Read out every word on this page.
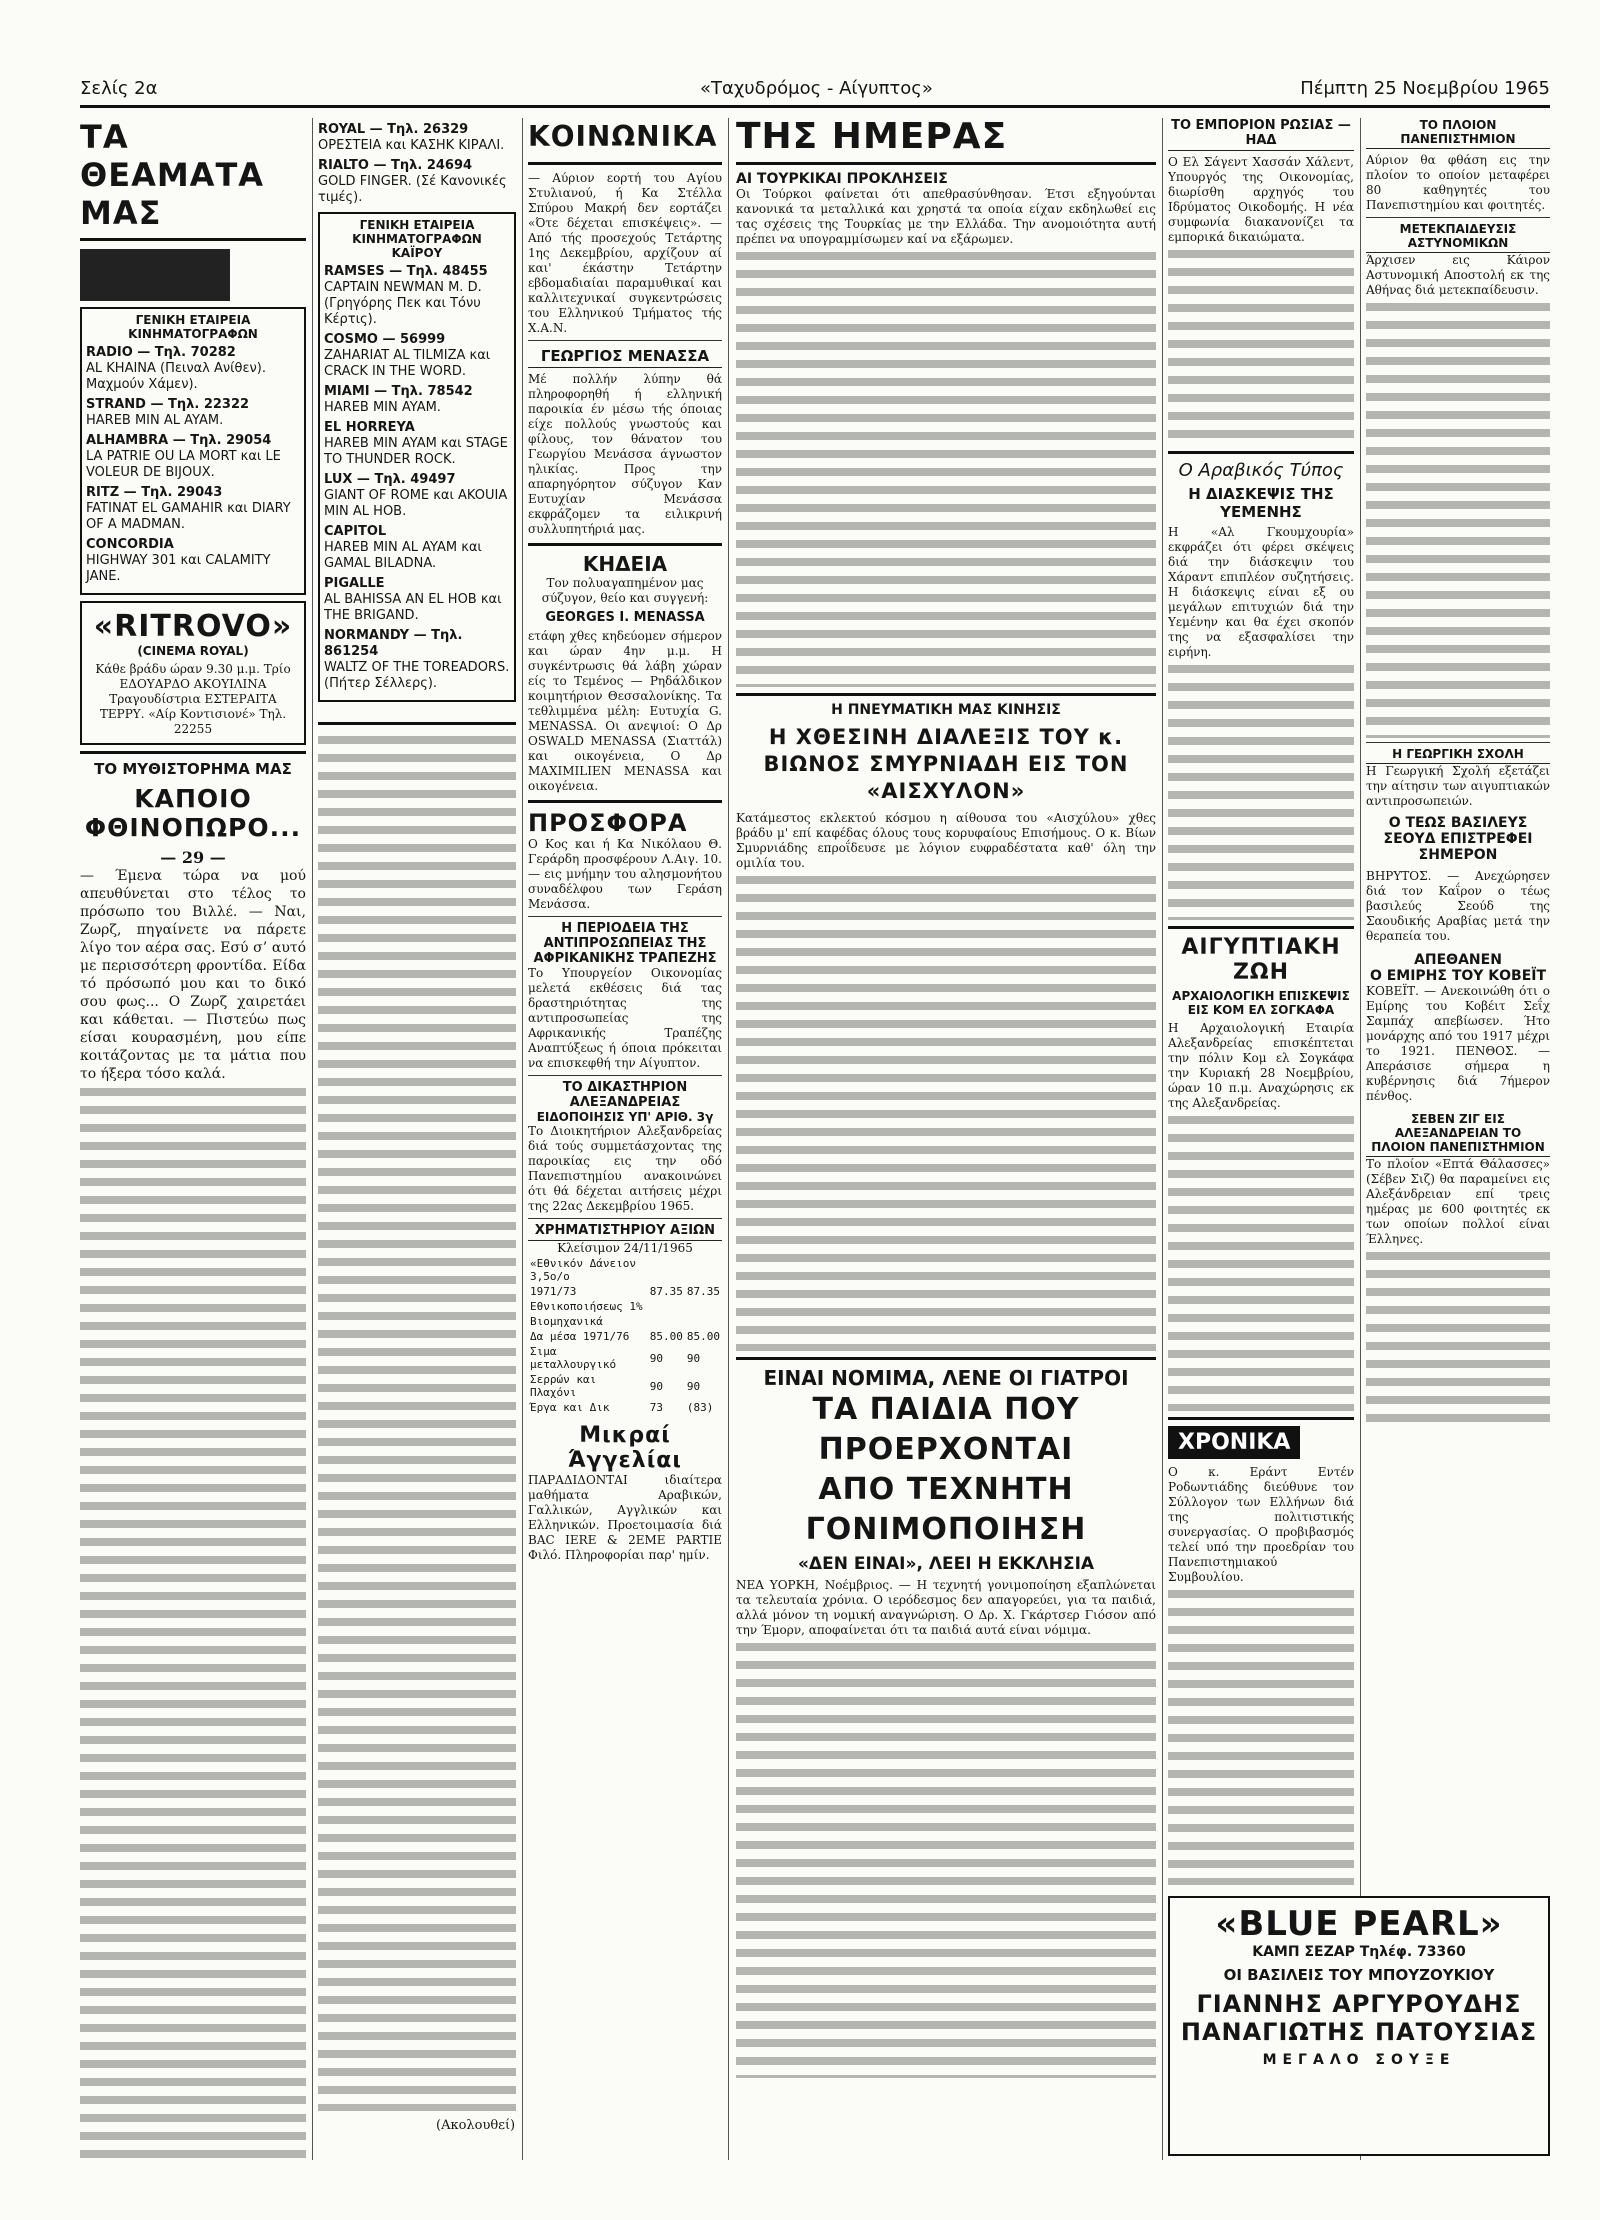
Σελίς 2α	«Ταχυδρόμος - Αίγυπτος»	Πέμπτη 25 Νοεμβρίου 1965
ΤΑ ΘΕΑΜΑΤΑ ΜΑΣ
ΓΕΝΙΚΗ ΕΤΑΙΡΕΙΑ ΚΙΝΗΜΑΤΟΓΡΑΦΩΝ
RADIO — Τηλ. 70282
AL KHAINA (Πειναλ Ανίθεν). Μαχμούν Χάμεν).
STRAND — Τηλ. 22322
HAREB MIN AL AYAM.
ALHAMBRA — Τηλ. 29054
LA PATRIE OU LA MORT και LE VOLEUR DE BIJOUX.
RITZ — Τηλ. 29043
FATINAT EL GAMAHIR και DIARY OF A MADMAN.
CONCORDIA
HIGHWAY 301 και CALAMITY JANE.
«RITROVO»
(CINEMA ROYAL)
Κάθε βράδυ ώραν 9.30 μ.μ. Τρίο ΕΔΟΥΑΡΔΟ ΑΚΟΥΙΛΙΝΑ Τραγουδίστρια ΕΣΤΕΡΑΙΤΑ ΤΕΡΡΥ. «Αίρ Κοντισιονέ» Τηλ. 22255
ΤΟ ΜΥΘΙΣΤΟΡΗΜΑ ΜΑΣ
ΚΑΠΟΙΟ ΦΘΙΝΟΠΩΡΟ...
— 29 —
— Έμενα τώρα να μού απευθύνεται στο τέλος το πρόσωπο του Βιλλέ. — Ναι, Ζωρζ, πηγαίνετε να πάρετε λίγο τον αέρα σας. Εσύ σ’ αυτό με περισσότερη φροντίδα. Είδα τό πρόσωπό μου και το δικό σου φως... Ο Ζωρζ χαιρετάει και κάθεται. — Πιστεύω πως είσαι κουρασμένη, μου είπε κοιτάζοντας με τα μάτια που το ήξερα τόσο καλά.
ROYAL — Τηλ. 26329
ΟΡΕΣΤΕΙΑ και ΚΑΣΗΚ ΚΙΡΑΛΙ.
RIALTO — Τηλ. 24694
GOLD FINGER. (Σέ Κανονικές τιμές).
ΓΕΝΙΚΗ ΕΤΑΙΡΕΙΑ ΚΙΝΗΜΑΤΟΓΡΑΦΩΝ
ΚΑΪΡΟΥ
RAMSES — Τηλ. 48455
CAPTAIN NEWMAN M. D. (Γρηγόρης Πεκ και Τόνυ Κέρτις).
COSMO — 56999
ZAHARIAT AL TILMIZA και CRACK IN THE WORD.
MIAMI — Τηλ. 78542
HAREB MIN AYAM.
EL HORREYA
HAREB MIN AYAM και STAGE TO THUNDER ROCK.
LUX — Τηλ. 49497
GIANT OF ROME και AKOUIA MIN AL HOB.
CAPITOL
HAREB MIN AL AYAM και GAMAL BILADNA.
PIGALLE
AL BAHISSA AN EL HOB και THE BRIGAND.
NORMANDY — Τηλ. 861254
WALTZ OF THE TOREADORS. (Πήτερ Σέλλερς).
ΚΟΙΝΩΝΙΚΑ
— Αύριον εορτή του Αγίου Στυλιανού, ή Κα Στέλλα Σπύρου Μακρή δεν εορτάζει «Ότε δέχεται επισκέψεις». — Από τής προσεχούς Τετάρτης 1ης Δεκεμβρίου, αρχίζουν αί και' έκάστην Τετάρτην εβδομαδιαίαι παραμυθικαί και καλλιτεχνικαί συγκεντρώσεις του Ελληνικού Τμήματος τής Χ.Α.Ν.
ΓΕΩΡΓΙΟΣ ΜΕΝΑΣΣΑ
Μέ πολλήν λύπην θά πληροφορηθή ή ελληνική παροικία έν μέσω τής όποιας είχε πολλούς γνωστούς και φίλους, τον θάνατον του Γεωργίου Μενάσσα άγνωστον ηλικίας. Προς την απαρηγόρητον σύζυγον Καν Ευτυχίαν Μενάσσα εκφράζομεν τα ειλικρινή συλλυπητήριά μας.
ΚΗΔΕΙΑ
Τον πολυαγαπημένον μας σύζυγον, θείο και συγγενή:
GEORGES I. MENASSA
ετάφη χθες κηδεύομεν σήμερον και ώραν 4ην μ.μ. Η συγκέντρωσις θά λάβη χώραν είς το Τεμένος — Ρηδάλδικον κοιμητήριον Θεσσαλονίκης. Τα τεθλιμμένα μέλη: Ευτυχία G. MENASSA. Οι ανεψιοί: Ο Δρ OSWALD MENASSA (Σιαττάλ) και οικογένεια, Ο Δρ MAXIMILIEN MENASSA και οικογένεια.
ΠΡΟΣΦΟΡΑ
Ο Κος και ή Κα Νικόλαου Θ. Γεράρδη προσφέρουν Λ.Αιγ. 10.— εις μνήμην του αλησμονήτου συναδέλφου των Γεράση Μενάσσα.
Η ΠΕΡΙΟΔΕΙΑ ΤΗΣ ΑΝΤΙΠΡΟΣΩΠΕΙΑΣ ΤΗΣ ΑΦΡΙΚΑΝΙΚΗΣ ΤΡΑΠΕΖΗΣ
Το Υπουργείον Οικονομίας μελετά εκθέσεις διά τας δραστηριότητας της αντιπροσωπείας της Αφρικανικής Τραπέζης Αναπτύξεως ή όποια πρόκειται να επισκεφθή την Αίγυπτον.
ΤΟ ΔΙΚΑΣΤΗΡΙΟΝ ΑΛΕΞΑΝΔΡΕΙΑΣ
ΕΙΔΟΠΟΙΗΣΙΣ ΥΠ' ΑΡΙΘ. 3γ
Το Διοικητήριον Αλεξανδρείας διά τούς συμμετάσχοντας της παροικίας εις την οδό Πανεπιστημίου ανακοινώνει ότι θά δέχεται αιτήσεις μέχρι της 22ας Δεκεμβρίου 1965.
ΧΡΗΜΑΤΙΣΤΗΡΙΟΥ ΑΞΙΩΝ
Κλείσιμον 24/11/1965
«Εθνικόν Δάνειον 3,5ο/ο		
1971/73	87.35	87.35
Εθνικοποιήσεως 1%		
Βιομηχανικά		
Δα μέσα 1971/76	85.00	85.00
Σιμα μεταλλουργικό	90	90
Σερρών και Πλαχόνι	90	90
Έργα και Δικ	73	(83)
Μικραί Άγγελίαι
ΠΑΡΑΔΙΔΟΝΤΑΙ ιδιαίτερα μαθήματα Αραβικών, Γαλλικών, Αγγλικών και Ελληνικών. Προετοιμασία διά ΒΑC ΙΕRΕ & 2ΕΜΕ PARTIE Φιλό. Πληροφορίαι παρ' ημίν.
ΤΗΣ ΗΜΕΡΑΣ
ΑΙ ΤΟΥΡΚΙΚΑΙ ΠΡΟΚΛΗΣΕΙΣ
Οι Τούρκοι φαίνεται ότι απεθρασύνθησαν. Έτσι εξηγούνται κανονικά τα μεταλλικά και χρηστά τα οποία είχαν εκδηλωθεί εις τας σχέσεις της Τουρκίας με την Ελλάδα. Την ανομοιότητα αυτή πρέπει να υπογραμμίσωμεν καί να εξάρωμεν.
Η ΠΝΕΥΜΑΤΙΚΗ ΜΑΣ ΚΙΝΗΣΙΣ
Η ΧΘΕΣΙΝΗ ΔΙΑΛΕΞΙΣ ΤΟΥ κ. ΒΙΩΝΟΣ ΣΜΥΡΝΙΑΔΗ ΕΙΣ ΤΟΝ «ΑΙΣΧΥΛΟΝ»
Κατάμεστος εκλεκτού κόσμου η αίθουσα του «Αισχύλου» χθες βράδυ μ' επί καφέδας όλους τους κορυφαίους Επισήμους. Ο κ. Βίων Σμυρνιάδης επροΐδευσε με λόγιον ευφραδέστατα καθ' όλη την ομιλία του.
ΕΙΝΑΙ ΝΟΜΙΜΑ, ΛΕΝΕ ΟΙ ΓΙΑΤΡΟΙ
ΤΑ ΠΑΙΔΙΑ ΠΟΥ ΠΡΟΕΡΧΟΝΤΑΙ
ΑΠΟ ΤΕΧΝΗΤΗ ΓΟΝΙΜΟΠΟΙΗΣΗ
«ΔΕΝ ΕΙΝΑΙ», ΛΕΕΙ Η ΕΚΚΛΗΣΙΑ
ΝΕΑ ΥΟΡΚΗ, Νοέμβριος. — Η τεχνητή γονιμοποίηση εξαπλώνεται τα τελευταία χρόνια. Ο ιερόδεσμος δεν απαγορεύει, για τα παιδιά, αλλά μόνον τη νομική αναγνώριση. Ο Δρ. Χ. Γκάρτσερ Γιόσον από την Έμορν, αποφαίνεται ότι τα παιδιά αυτά είναι νόμιμα.
ΤΟ ΕΜΠΟΡΙΟΝ ΡΩΣΙΑΣ — ΗΑΔ
Ο Ελ Σάγεντ Χασσάν Χάλεντ, Υπουργός της Οικονομίας, διωρίσθη αρχηγός του Ιδρύματος Οικοδομής. Η νέα συμφωνία διακανονίζει τα εμπορικά δικαιώματα.
Ο Αραβικός Τύπος
Η ΔΙΑΣΚΕΨΙΣ ΤΗΣ ΥΕΜΕΝΗΣ
Η «Αλ Γκουμχουρία» εκφράζει ότι φέρει σκέψεις διά την διάσκεψιν του Χάραντ επιπλέον συζητήσεις. Η διάσκεψις είναι εξ ου μεγάλων επιτυχιών διά την Υεμένην και θα έχει σκοπόν της να εξασφαλίσει την ειρήνη.
ΑΙΓΥΠΤΙΑΚΗ ΖΩΗ
ΑΡΧΑΙΟΛΟΓΙΚΗ ΕΠΙΣΚΕΨΙΣ ΕΙΣ ΚΟΜ ΕΛ ΣΟΓΚΑΦΑ
Η Αρχαιολογική Εταιρία Αλεξανδρείας επισκέπτεται την πόλιν Κομ ελ Σογκάφα την Κυριακή 28 Νοεμβρίου, ώραν 10 π.μ. Αναχώρησις εκ της Αλεξανδρείας.
ΧΡΟΝΙΚΑ
Ο κ. Εράντ Εντέν Ροδωντιάδης διεύθυνε τον Σύλλογον των Ελλήνων διά της πολιτιστικής συνεργασίας. Ο προβιβασμός τελεί υπό την προεδρίαν του Πανεπιστημιακού Συμβουλίου.
ΤΟ ΠΛΟΙΟΝ ΠΑΝΕΠΙΣΤΗΜΙΟΝ
Αύριον θα φθάση εις την πλοίον το οποίον μεταφέρει 80 καθηγητές του Πανεπιστημίου και φοιτητές.
ΜΕΤΕΚΠΑΙΔΕΥΣΙΣ ΑΣΤΥΝΟΜΙΚΩΝ
Άρχισεν εις Κάιρον Αστυνομική Αποστολή εκ της Αθήνας διά μετεκπαίδευσιν.
Η ΓΕΩΡΓΙΚΗ ΣΧΟΛΗ
Η Γεωργική Σχολή εξετάζει την αίτησιν των αιγυπτιακών αντιπροσωπειών.
Ο ΤΕΩΣ ΒΑΣΙΛΕΥΣ ΣΕΟΥΔ ΕΠΙΣΤΡΕΦΕΙ ΣΗΜΕΡΟΝ
ΒΗΡΥΤΟΣ. — Ανεχώρησεν διά τον Καΐρον ο τέως βασιλεύς Σεούδ της Σαουδικής Αραβίας μετά την θεραπεία του.
ΑΠΕΘΑΝΕΝ
Ο ΕΜΙΡΗΣ ΤΟΥ ΚΟΒΕΪΤ
ΚΟΒΕΪΤ. — Ανεκοινώθη ότι ο Εμίρης του Κοβέιτ Σεΐχ Σαμπάχ απεβίωσεν. Ήτο μονάρχης από του 1917 μέχρι το 1921. ΠΕΝΘΟΣ. — Απεράσισε σήμερα η κυβέρνησις διά 7ήμερον πένθος.
ΣΕΒΕΝ ΖΙΓ ΕΙΣ ΑΛΕΞΑΝΔΡΕΙΑΝ ΤΟ ΠΛΟΙΟΝ ΠΑΝΕΠΙΣΤΗΜΙΟΝ
Το πλοίον «Επτά Θάλασσες» (Σέβεν Σιζ) θα παραμείνει εις Αλεξάνδρειαν επί τρεις ημέρας με 600 φοιτητές εκ των οποίων πολλοί είναι Έλληνες.
«BLUE PEARL»
ΚΑΜΠ ΣΕΖΑΡ Τηλέφ. 73360
ΟΙ ΒΑΣΙΛΕΙΣ ΤΟΥ ΜΠΟΥΖΟΥΚΙΟΥ
ΓΙΑΝΝΗΣ ΑΡΓΥΡΟΥΔΗΣ
ΠΑΝΑΓΙΩΤΗΣ ΠΑΤΟΥΣΙΑΣ
ΜΕΓΑΛΟ ΣΟΥΞΕ
(Ακολουθεί)
